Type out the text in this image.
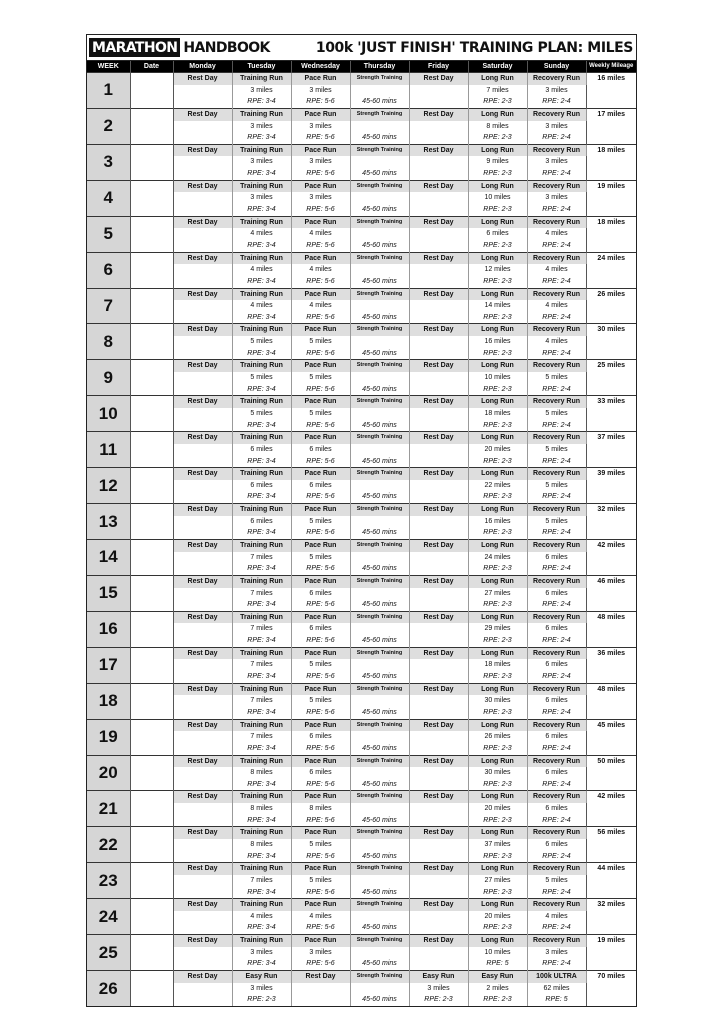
MARATHON HANDBOOK	100k 'JUST FINISH' TRAINING PLAN: MILES
WEEK	Date	Monday	Tuesday	Wednesday	Thursday	Friday	Saturday	Sunday	Weekly Mileage
1		Rest Day	Training Run	Pace Run	Strength Training	Rest Day	Long Run	Recovery Run	16 miles
			3 miles	3 miles			7 miles	3 miles	
			RPE: 3-4	RPE: 5-6	45-60 mins		RPE: 2-3	RPE: 2-4	
2		Rest Day	Training Run	Pace Run	Strength Training	Rest Day	Long Run	Recovery Run	17 miles
			3 miles	3 miles			8 miles	3 miles	
			RPE: 3-4	RPE: 5-6	45-60 mins		RPE: 2-3	RPE: 2-4	
3		Rest Day	Training Run	Pace Run	Strength Training	Rest Day	Long Run	Recovery Run	18 miles
			3 miles	3 miles			9 miles	3 miles	
			RPE: 3-4	RPE: 5-6	45-60 mins		RPE: 2-3	RPE: 2-4	
4		Rest Day	Training Run	Pace Run	Strength Training	Rest Day	Long Run	Recovery Run	19 miles
			3 miles	3 miles			10 miles	3 miles	
			RPE: 3-4	RPE: 5-6	45-60 mins		RPE: 2-3	RPE: 2-4	
5		Rest Day	Training Run	Pace Run	Strength Training	Rest Day	Long Run	Recovery Run	18 miles
			4 miles	4 miles			6 miles	4 miles	
			RPE: 3-4	RPE: 5-6	45-60 mins		RPE: 2-3	RPE: 2-4	
6		Rest Day	Training Run	Pace Run	Strength Training	Rest Day	Long Run	Recovery Run	24 miles
			4 miles	4 miles			12 miles	4 miles	
			RPE: 3-4	RPE: 5-6	45-60 mins		RPE: 2-3	RPE: 2-4	
7		Rest Day	Training Run	Pace Run	Strength Training	Rest Day	Long Run	Recovery Run	26 miles
			4 miles	4 miles			14 miles	4 miles	
			RPE: 3-4	RPE: 5-6	45-60 mins		RPE: 2-3	RPE: 2-4	
8		Rest Day	Training Run	Pace Run	Strength Training	Rest Day	Long Run	Recovery Run	30 miles
			5 miles	5 miles			16 miles	4 miles	
			RPE: 3-4	RPE: 5-6	45-60 mins		RPE: 2-3	RPE: 2-4	
9		Rest Day	Training Run	Pace Run	Strength Training	Rest Day	Long Run	Recovery Run	25 miles
			5 miles	5 miles			10 miles	5 miles	
			RPE: 3-4	RPE: 5-6	45-60 mins		RPE: 2-3	RPE: 2-4	
10		Rest Day	Training Run	Pace Run	Strength Training	Rest Day	Long Run	Recovery Run	33 miles
			5 miles	5 miles			18 miles	5 miles	
			RPE: 3-4	RPE: 5-6	45-60 mins		RPE: 2-3	RPE: 2-4	
11		Rest Day	Training Run	Pace Run	Strength Training	Rest Day	Long Run	Recovery Run	37 miles
			6 miles	6 miles			20 miles	5 miles	
			RPE: 3-4	RPE: 5-6	45-60 mins		RPE: 2-3	RPE: 2-4	
12		Rest Day	Training Run	Pace Run	Strength Training	Rest Day	Long Run	Recovery Run	39 miles
			6 miles	6 miles			22 miles	5 miles	
			RPE: 3-4	RPE: 5-6	45-60 mins		RPE: 2-3	RPE: 2-4	
13		Rest Day	Training Run	Pace Run	Strength Training	Rest Day	Long Run	Recovery Run	32 miles
			6 miles	5 miles			16 miles	5 miles	
			RPE: 3-4	RPE: 5-6	45-60 mins		RPE: 2-3	RPE: 2-4	
14		Rest Day	Training Run	Pace Run	Strength Training	Rest Day	Long Run	Recovery Run	42 miles
			7 miles	5 miles			24 miles	6 miles	
			RPE: 3-4	RPE: 5-6	45-60 mins		RPE: 2-3	RPE: 2-4	
15		Rest Day	Training Run	Pace Run	Strength Training	Rest Day	Long Run	Recovery Run	46 miles
			7 miles	6 miles			27 miles	6 miles	
			RPE: 3-4	RPE: 5-6	45-60 mins		RPE: 2-3	RPE: 2-4	
16		Rest Day	Training Run	Pace Run	Strength Training	Rest Day	Long Run	Recovery Run	48 miles
			7 miles	6 miles			29 miles	6 miles	
			RPE: 3-4	RPE: 5-6	45-60 mins		RPE: 2-3	RPE: 2-4	
17		Rest Day	Training Run	Pace Run	Strength Training	Rest Day	Long Run	Recovery Run	36 miles
			7 miles	5 miles			18 miles	6 miles	
			RPE: 3-4	RPE: 5-6	45-60 mins		RPE: 2-3	RPE: 2-4	
18		Rest Day	Training Run	Pace Run	Strength Training	Rest Day	Long Run	Recovery Run	48 miles
			7 miles	5 miles			30 miles	6 miles	
			RPE: 3-4	RPE: 5-6	45-60 mins		RPE: 2-3	RPE: 2-4	
19		Rest Day	Training Run	Pace Run	Strength Training	Rest Day	Long Run	Recovery Run	45 miles
			7 miles	6 miles			26 miles	6 miles	
			RPE: 3-4	RPE: 5-6	45-60 mins		RPE: 2-3	RPE: 2-4	
20		Rest Day	Training Run	Pace Run	Strength Training	Rest Day	Long Run	Recovery Run	50 miles
			8 miles	6 miles			30 miles	6 miles	
			RPE: 3-4	RPE: 5-6	45-60 mins		RPE: 2-3	RPE: 2-4	
21		Rest Day	Training Run	Pace Run	Strength Training	Rest Day	Long Run	Recovery Run	42 miles
			8 miles	8 miles			20 miles	6 miles	
			RPE: 3-4	RPE: 5-6	45-60 mins		RPE: 2-3	RPE: 2-4	
22		Rest Day	Training Run	Pace Run	Strength Training	Rest Day	Long Run	Recovery Run	56 miles
			8 miles	5 miles			37 miles	6 miles	
			RPE: 3-4	RPE: 5-6	45-60 mins		RPE: 2-3	RPE: 2-4	
23		Rest Day	Training Run	Pace Run	Strength Training	Rest Day	Long Run	Recovery Run	44 miles
			7 miles	5 miles			27 miles	5 miles	
			RPE: 3-4	RPE: 5-6	45-60 mins		RPE: 2-3	RPE: 2-4	
24		Rest Day	Training Run	Pace Run	Strength Training	Rest Day	Long Run	Recovery Run	32 miles
			4 miles	4 miles			20 miles	4 miles	
			RPE: 3-4	RPE: 5-6	45-60 mins		RPE: 2-3	RPE: 2-4	
25		Rest Day	Training Run	Pace Run	Strength Training	Rest Day	Long Run	Recovery Run	19 miles
			3 miles	3 miles			10 miles	3 miles	
			RPE: 3-4	RPE: 5-6	45-60 mins		RPE: 5	RPE: 2-4	
26		Rest Day	Easy Run	Rest Day	Strength Training	Easy Run	Easy Run	100k ULTRA	70 miles
			3 miles			3 miles	2 miles	62 miles	
			RPE: 2-3		45-60 mins	RPE: 2-3	RPE: 2-3	RPE: 5	
